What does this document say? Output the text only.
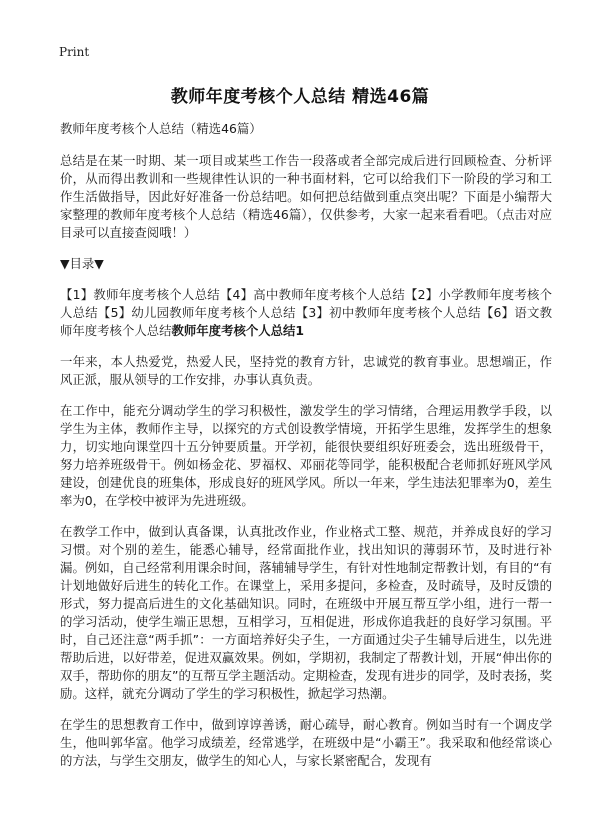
Print
教师年度考核个人总结 精选46篇

教师年度考核个人总结（精选46篇）

总结是在某一时期、某一项目或某些工作告一段落或者全部完成后进行回顾检查、分析评价，从而得出教训和一些规律性认识的一种书面材料，它可以给我们下一阶段的学习和工作生活做指导，因此好好准备一份总结吧。如何把总结做到重点突出呢？下面是小编帮大家整理的教师年度考核个人总结（精选46篇），仅供参考，大家一起来看看吧。（点击对应目录可以直接查阅哦！）

▼目录▼

【1】教师年度考核个人总结【4】高中教师年度考核个人总结【2】小学教师年度考核个人总结【5】幼儿园教师年度考核个人总结【3】初中教师年度考核个人总结【6】语文教师年度考核个人总结教师年度考核个人总结1

一年来，本人热爱党，热爱人民，坚持党的教育方针，忠诚党的教育事业。思想端正，作风正派，服从领导的工作安排，办事认真负责。

在工作中，能充分调动学生的学习积极性，激发学生的学习情绪，合理运用教学手段，以学生为主体，教师作主导，以探究的方式创设教学情境，开拓学生思维，发挥学生的想象力，切实地向课堂四十五分钟要质量。开学初，能很快要组织好班委会，选出班级骨干，努力培养班级骨干。例如杨金花、罗福权、邓丽花等同学，能积极配合老师抓好班风学风建设，创建优良的班集体，形成良好的班风学风。所以一年来，学生违法犯罪率为0，差生率为0，在学校中被评为先进班级。

在教学工作中，做到认真备课，认真批改作业，作业格式工整、规范，并养成良好的学习习惯。对个别的差生，能悉心辅导，经常面批作业，找出知识的薄弱环节，及时进行补漏。例如，自己经常利用课余时间，落辅辅导学生，有针对性地制定帮教计划，有目的“有计划地做好后进生的转化工作。在课堂上，采用多提问，多检查，及时疏导，及时反馈的形式，努力提高后进生的文化基础知识。同时，在班级中开展互帮互学小组，进行一帮一的学习活动，使学生端正思想，互相学习，互相促进，形成你追我赶的良好学习氛围。平时，自己还注意“两手抓”：一方面培养好尖子生，一方面通过尖子生辅导后进生，以先进帮助后进，以好带差，促进双赢效果。例如，学期初，我制定了帮教计划，开展“伸出你的双手，帮助你的朋友”的互帮互学主题活动。定期检查，发现有进步的同学，及时表扬，奖励。这样，就充分调动了学生的学习积极性，掀起学习热潮。

在学生的思想教育工作中，做到谆谆善诱，耐心疏导，耐心教育。例如当时有一个调皮学生，他叫郭华富。他学习成绩差，经常逃学，在班级中是“小霸王”。我采取和他经常谈心的方法，与学生交朋友，做学生的知心人，与家长紧密配合，发现有
